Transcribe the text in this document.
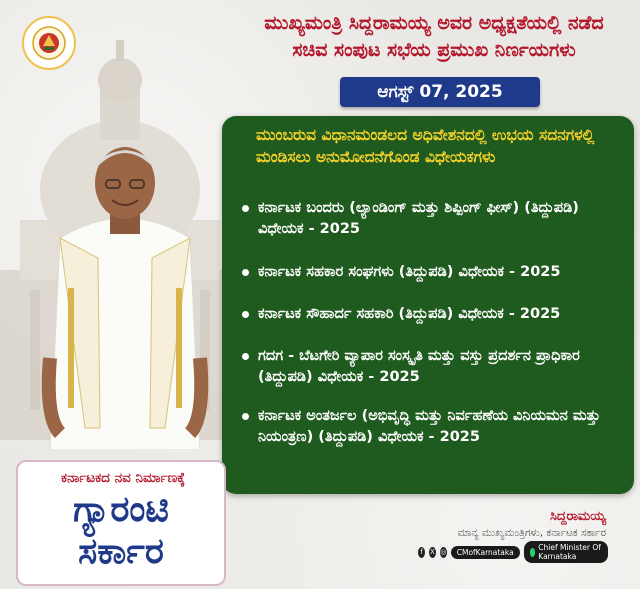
ಮುಖ್ಯಮಂತ್ರಿ ಸಿದ್ದರಾಮಯ್ಯ ಅವರ ಅಧ್ಯಕ್ಷತೆಯಲ್ಲಿ ನಡೆದ
ಸಚಿವ ಸಂಪುಟ ಸಭೆಯ ಪ್ರಮುಖ ನಿರ್ಣಯಗಳು
ಆಗಸ್ಟ್ 07, 2025
ಮುಂಬರುವ ವಿಧಾನಮಂಡಲದ ಅಧಿವೇಶನದಲ್ಲಿ ಉಭಯ ಸದನಗಳಲ್ಲಿ ಮಂಡಿಸಲು ಅನುಮೋದನೆಗೊಂಡ ವಿಧೇಯಕಗಳು
ಕರ್ನಾಟಕ ಬಂದರು (ಲ್ಯಾಂಡಿಂಗ್ ಮತ್ತು ಶಿಪ್ಪಿಂಗ್ ಫೀಸ್) (ತಿದ್ದುಪಡಿ) ವಿಧೇಯಕ - 2025
ಕರ್ನಾಟಕ ಸಹಕಾರ ಸಂಘಗಳು (ತಿದ್ದುಪಡಿ) ವಿಧೇಯಕ - 2025
ಕರ್ನಾಟಕ ಸೌಹಾರ್ದ ಸಹಕಾರಿ (ತಿದ್ದುಪಡಿ) ವಿಧೇಯಕ - 2025
ಗದಗ - ಬೆಟಗೇರಿ ವ್ಯಾಪಾರ ಸಂಸ್ಕೃತಿ ಮತ್ತು ವಸ್ತು ಪ್ರದರ್ಶನ ಪ್ರಾಧಿಕಾರ (ತಿದ್ದುಪಡಿ) ವಿಧೇಯಕ - 2025
ಕರ್ನಾಟಕ ಅಂತರ್ಜಲ (ಅಭಿವೃದ್ಧಿ ಮತ್ತು ನಿರ್ವಹಣೆಯ ವಿನಿಯಮನ ಮತ್ತು ನಿಯಂತ್ರಣ) (ತಿದ್ದುಪಡಿ) ವಿಧೇಯಕ - 2025
ಕರ್ನಾಟಕದ ನವ ನಿರ್ಮಾಣಕ್ಕೆ
ಗ್ಯಾರಂಟಿ
ಸರ್ಕಾರ
ಸಿದ್ದರಾಮಯ್ಯ
ಮಾನ್ಯ ಮುಖ್ಯಮಂತ್ರಿಗಳು, ಕರ್ನಾಟಕ ಸರ್ಕಾರ
f	X ◎ CMofKarnataka	Chief Minister Of Karnataka
